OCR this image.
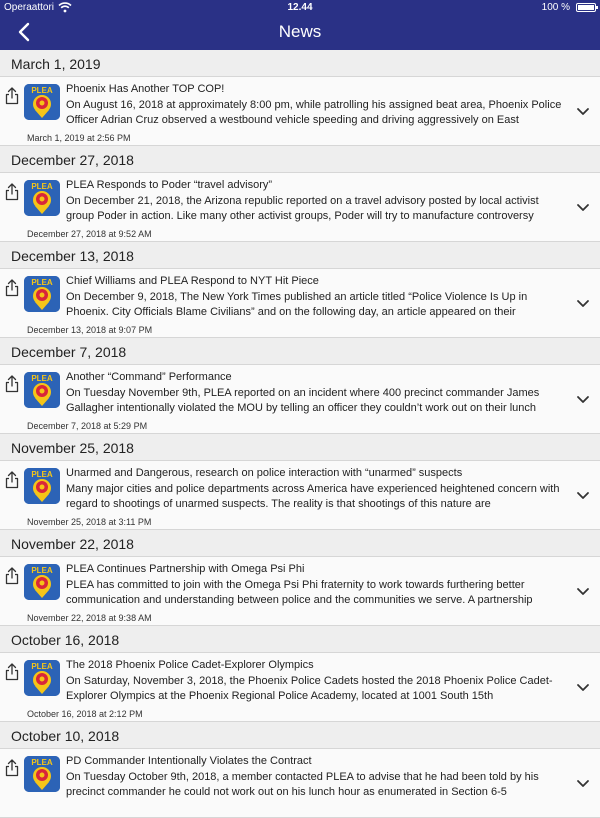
Operaattori	12.44	100 %
News
March 1, 2019
PLEA Phoenix Has Another TOP COP!
On August 16, 2018 at approximately 8:00 pm, while patrolling his assigned beat area, Phoenix Police Officer Adrian Cruz observed a westbound vehicle speeding and driving aggressively on East
March 1, 2019 at 2:56 PM
December 27, 2018
PLEA PLEA Responds to Poder “travel advisory”
On December 21, 2018, the Arizona republic reported on a travel advisory posted by local activist group Poder in action. Like many other activist groups, Poder will try to manufacture controversy
December 27, 2018 at 9:52 AM
December 13, 2018
PLEA Chief Williams and PLEA Respond to NYT Hit Piece
On December 9, 2018, The New York Times published an article titled “Police Violence Is Up in Phoenix. City Officials Blame Civilians” and on the following day, an article appeared on their
December 13, 2018 at 9:07 PM
December 7, 2018
PLEA Another “Command” Performance
On Tuesday November 9th, PLEA reported on an incident where 400 precinct commander James Gallagher intentionally violated the MOU by telling an officer they couldn’t work out on their lunch
December 7, 2018 at 5:29 PM
November 25, 2018
PLEA Unarmed and Dangerous, research on police interaction with “unarmed” suspects
Many major cities and police departments across America have experienced heightened concern with regard to shootings of unarmed suspects. The reality is that shootings of this nature are
November 25, 2018 at 3:11 PM
November 22, 2018
PLEA PLEA Continues Partnership with Omega Psi Phi
PLEA has committed to join with the Omega Psi Phi fraternity to work towards furthering better communication and understanding between police and the communities we serve. A partnership
November 22, 2018 at 9:38 AM
October 16, 2018
PLEA The 2018 Phoenix Police Cadet-Explorer Olympics
On Saturday, November 3, 2018, the Phoenix Police Cadets hosted the 2018 Phoenix Police Cadet-Explorer Olympics at the Phoenix Regional Police Academy, located at 1001 South 15th
October 16, 2018 at 2:12 PM
October 10, 2018
PLEA PD Commander Intentionally Violates the Contract
On Tuesday October 9th, 2018, a member contacted PLEA to advise that he had been told by his precinct commander he could not work out on his lunch hour as enumerated in Section 6-5
